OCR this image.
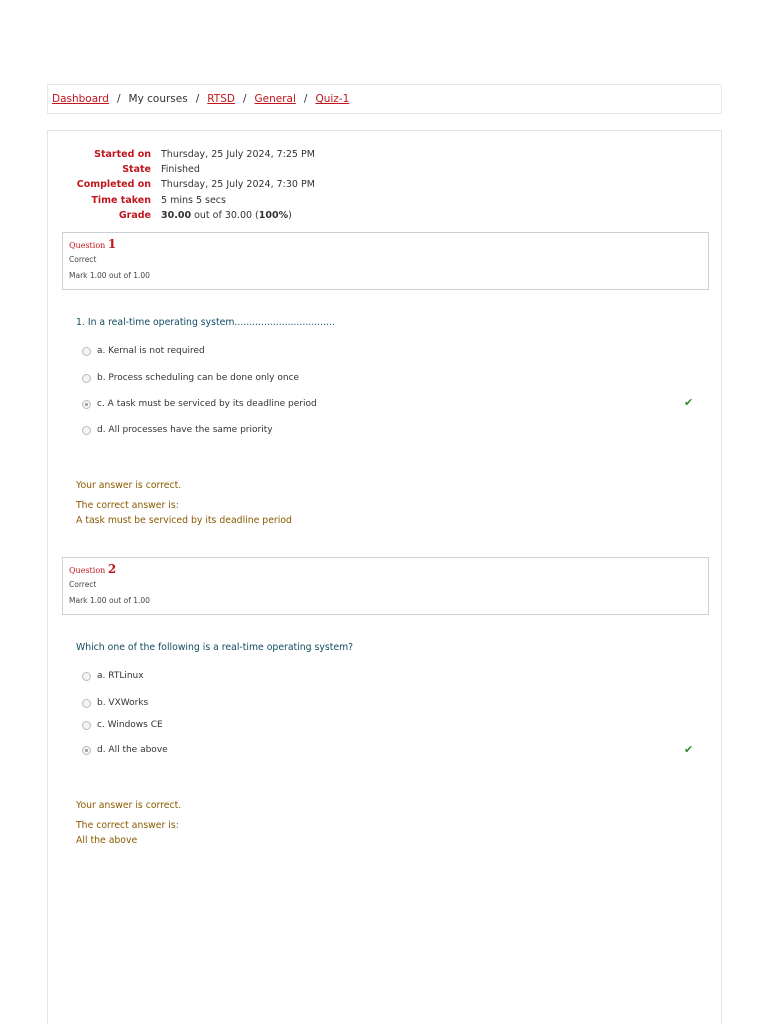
Dashboard / My courses / RTSD / General / Quiz-1
Started on	Thursday, 25 July 2024, 7:25 PM
State	Finished
Completed on	Thursday, 25 July 2024, 7:30 PM
Time taken	5 mins 5 secs
Grade	30.00 out of 30.00 (100%)
Question 1
Correct
Mark 1.00 out of 1.00
1. In a real-time operating system..................................
a. Kernal is not required
b. Process scheduling can be done only once
c. A task must be serviced by its deadline period	✔
d. All processes have the same priority
Your answer is correct.
The correct answer is:
A task must be serviced by its deadline period
Question 2
Correct
Mark 1.00 out of 1.00
Which one of the following is a real-time operating system?
a. RTLinux
b. VXWorks
c. Windows CE
d. All the above	✔
Your answer is correct.
The correct answer is:
All the above
